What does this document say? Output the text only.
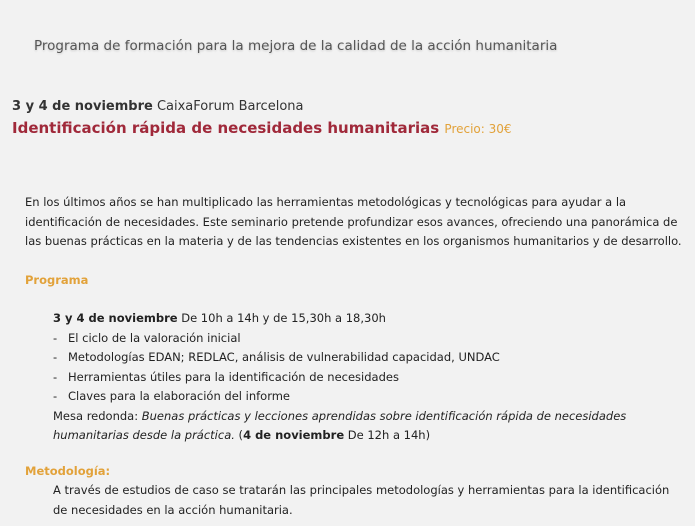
Programa de formación para la mejora de la calidad de la acción humanitaria
3 y 4 de noviembre CaixaForum Barcelona
Identificación rápida de necesidades humanitarias Precio: 30€
En los últimos años se han multiplicado las herramientas metodológicas y tecnológicas para ayudar a la identificación de necesidades. Este seminario pretende profundizar esos avances, ofreciendo una panorámica de las buenas prácticas en la materia y de las tendencias existentes en los organismos humanitarios y de desarrollo.
Programa
3 y 4 de noviembre De 10h a 14h y de 15,30h a 18,30h
- El ciclo de la valoración inicial
- Metodologías EDAN; REDLAC, análisis de vulnerabilidad capacidad, UNDAC
- Herramientas útiles para la identificación de necesidades
- Claves para la elaboración del informe
Mesa redonda: Buenas prácticas y lecciones aprendidas sobre identificación rápida de necesidades humanitarias desde la práctica. (4 de noviembre De 12h a 14h)
Metodología:
A través de estudios de caso se tratarán las principales metodologías y herramientas para la identificación de necesidades en la acción humanitaria.
